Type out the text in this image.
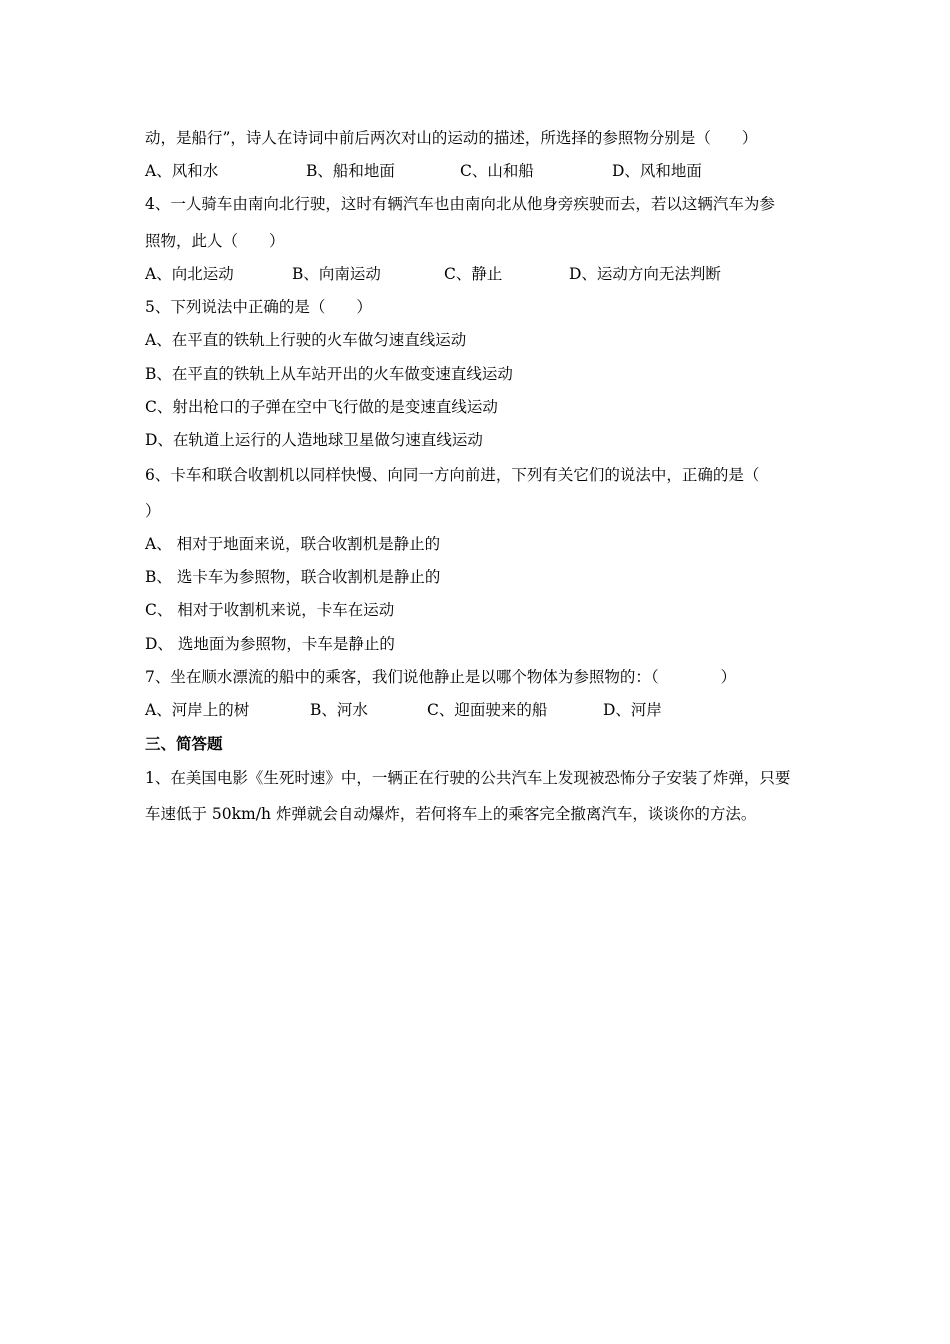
动，是船行”，诗人在诗词中前后两次对山的运动的描述，所选择的参照物分别是（　　）

A、风和水

	B、船和地面

	C、山和船

	D、风和地面

4、一人骑车由南向北行驶，这时有辆汽车也由南向北从他身旁疾驶而去，若以这辆汽车为参
照物，此人（　　）

A、向北运动

	B、向南运动

	C、静止

	D、运动方向无法判断

5、下列说法中正确的是（　　）
A、在平直的铁轨上行驶的火车做匀速直线运动
B、在平直的铁轨上从车站开出的火车做变速直线运动
C、射出枪口的子弹在空中飞行做的是变速直线运动
D、在轨道上运行的人造地球卫星做匀速直线运动
6、卡车和联合收割机以同样快慢、向同一方向前进，下列有关它们的说法中，正确的是（
）
A、 相对于地面来说，联合收割机是静止的
B、 选卡车为参照物，联合收割机是静止的
C、 相对于收割机来说，卡车在运动
D、 选地面为参照物，卡车是静止的
7、坐在顺水漂流的船中的乘客，我们说他静止是以哪个物体为参照物的：（　　　　）

A、河岸上的树

	B、河水

	C、迎面驶来的船

	D、河岸

三、简答题
1、在美国电影《生死时速》中，一辆正在行驶的公共汽车上发现被恐怖分子安装了炸弹，只要
车速低于 50km/h 炸弹就会自动爆炸，若何将车上的乘客完全撤离汽车，谈谈你的方法。
